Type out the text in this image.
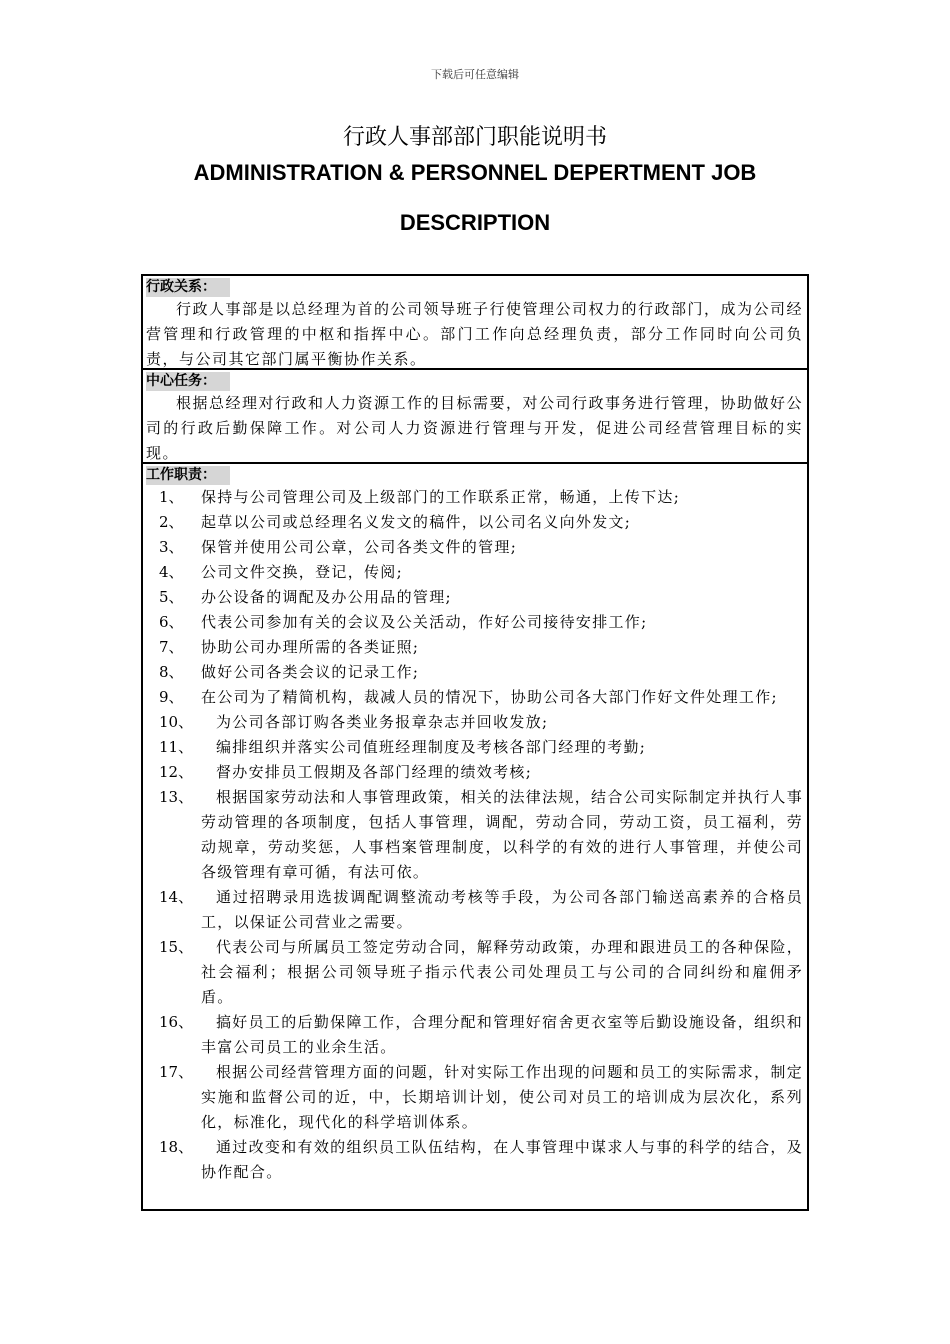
下载后可任意编辑
行政人事部部门职能说明书
ADMINISTRATION & PERSONNEL DEPERTMENT JOB
DESCRIPTION
行政关系：
行政人事部是以总经理为首的公司领导班子行使管理公司权力的行政部门，成为公司经营管理和行政管理的中枢和指挥中心。部门工作向总经理负责，部分工作同时向公司负责，与公司其它部门属平衡协作关系。
中心任务：
根据总经理对行政和人力资源工作的目标需要，对公司行政事务进行管理，协助做好公司的行政后勤保障工作。对公司人力资源进行管理与开发，促进公司经营管理目标的实现。
工作职责：
1、	保持与公司管理公司及上级部门的工作联系正常，畅通，上传下达;
2、	起草以公司或总经理名义发文的稿件，以公司名义向外发文;
3、	保管并使用公司公章，公司各类文件的管理;
4、	公司文件交换，登记，传阅;
5、	办公设备的调配及办公用品的管理;
6、	代表公司参加有关的会议及公关活动，作好公司接待安排工作;
7、	协助公司办理所需的各类证照;
8、	做好公司各类会议的记录工作;
9、	在公司为了精简机构，裁减人员的情况下，协助公司各大部门作好文件处理工作;
10、	为公司各部订购各类业务报章杂志并回收发放;
11、	编排组织并落实公司值班经理制度及考核各部门经理的考勤;
12、	督办安排员工假期及各部门经理的绩效考核;
13、	根据国家劳动法和人事管理政策，相关的法律法规，结合公司实际制定并执行人事劳动管理的各项制度，包括人事管理，调配，劳动合同，劳动工资，员工福利，劳动规章，劳动奖惩，人事档案管理制度，以科学的有效的进行人事管理，并使公司各级管理有章可循，有法可依。
14、	通过招聘录用选拔调配调整流动考核等手段，为公司各部门输送高素养的合格员工，以保证公司营业之需要。
15、	代表公司与所属员工签定劳动合同，解释劳动政策，办理和跟进员工的各种保险，社会福利；根据公司领导班子指示代表公司处理员工与公司的合同纠纷和雇佣矛盾。
16、	搞好员工的后勤保障工作，合理分配和管理好宿舍更衣室等后勤设施设备，组织和丰富公司员工的业余生活。
17、	根据公司经营管理方面的问题，针对实际工作出现的问题和员工的实际需求，制定实施和监督公司的近，中，长期培训计划，使公司对员工的培训成为层次化，系列化，标准化，现代化的科学培训体系。
18、	通过改变和有效的组织员工队伍结构，在人事管理中谋求人与事的科学的结合，及协作配合。
